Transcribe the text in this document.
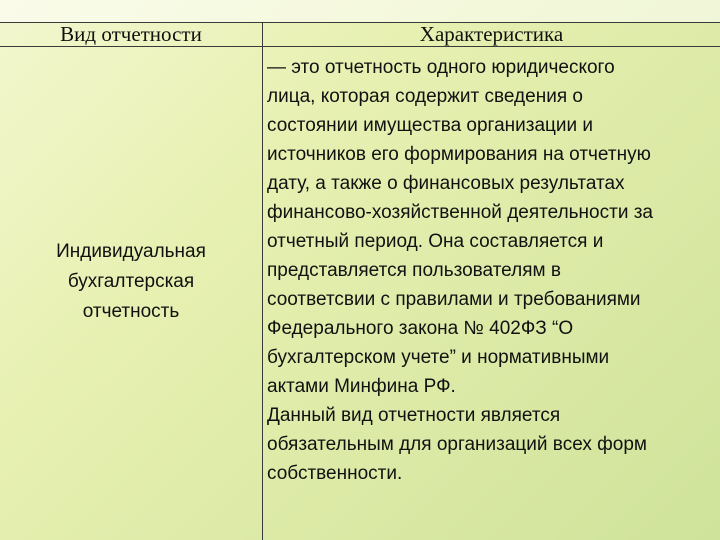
Вид отчетности	Характеристика
Индивидуальная
бухгалтерская
отчетность
— это отчетность одного юридического
лица, которая содержит сведения о
состоянии имущества организации и
источников его формирования на отчетную
дату, а также о финансовых результатах
финансово-хозяйственной деятельности за
отчетный период. Она составляется и
представляется пользователям в
соответсвии с правилами и требованиями
Федерального закона № 402ФЗ “О
бухгалтерском учете” и нормативными
актами Минфина РФ.
Данный вид отчетности является
обязательным для организаций всех форм
собственности.
